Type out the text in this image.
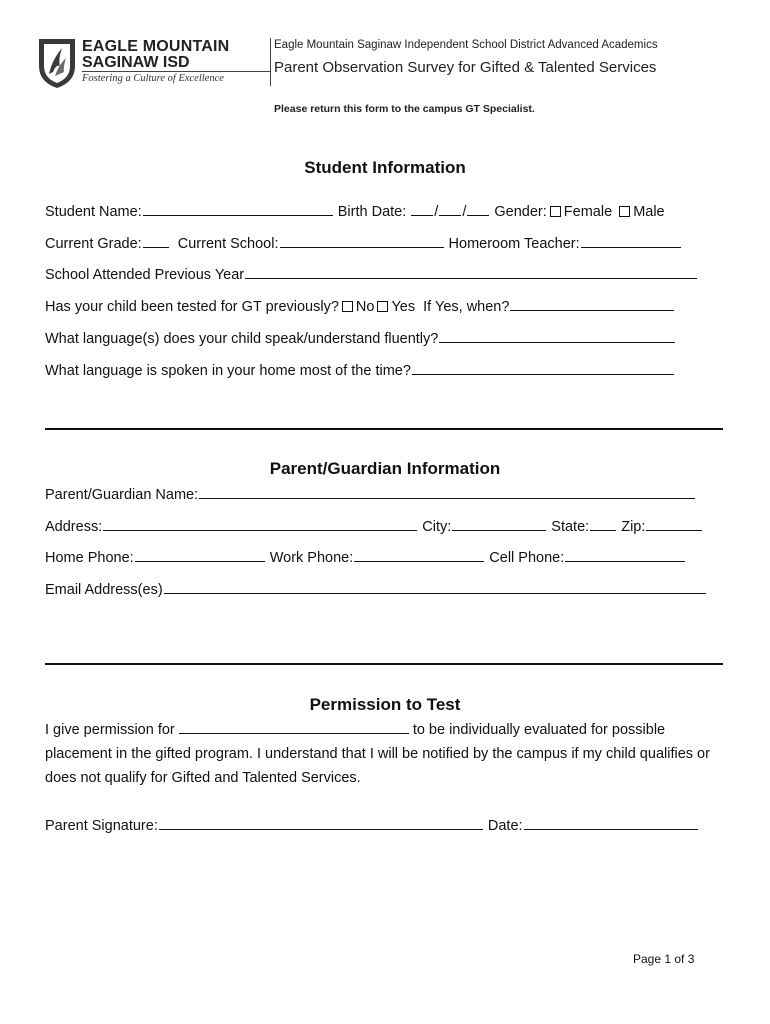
EAGLE MOUNTAIN
SAGINAW ISD
Fostering a Culture of Excellence
Eagle Mountain Saginaw Independent School District Advanced Academics
Parent Observation Survey for Gifted & Talented Services
Please return this form to the campus GT Specialist.
Student Information
Student Name:	Birth Date: / / Gender: Female Male
Current Grade: Current School:	Homeroom Teacher:
School Attended Previous Year
Has your child been tested for GT previously? No Yes If Yes, when?
What language(s) does your child speak/understand fluently?
What language is spoken in your home most of the time?
Parent/Guardian Information
Parent/Guardian Name:
Address:	City:	State: Zip:
Home Phone:	Work Phone:	Cell Phone:
Email Address(es)
Permission to Test
I give permission for	to be individually evaluated for possible placement in the gifted program. I understand that I will be notified by the campus if my child qualifies or does not qualify for Gifted and Talented Services.
Parent Signature:	Date:
Page 1 of 3
